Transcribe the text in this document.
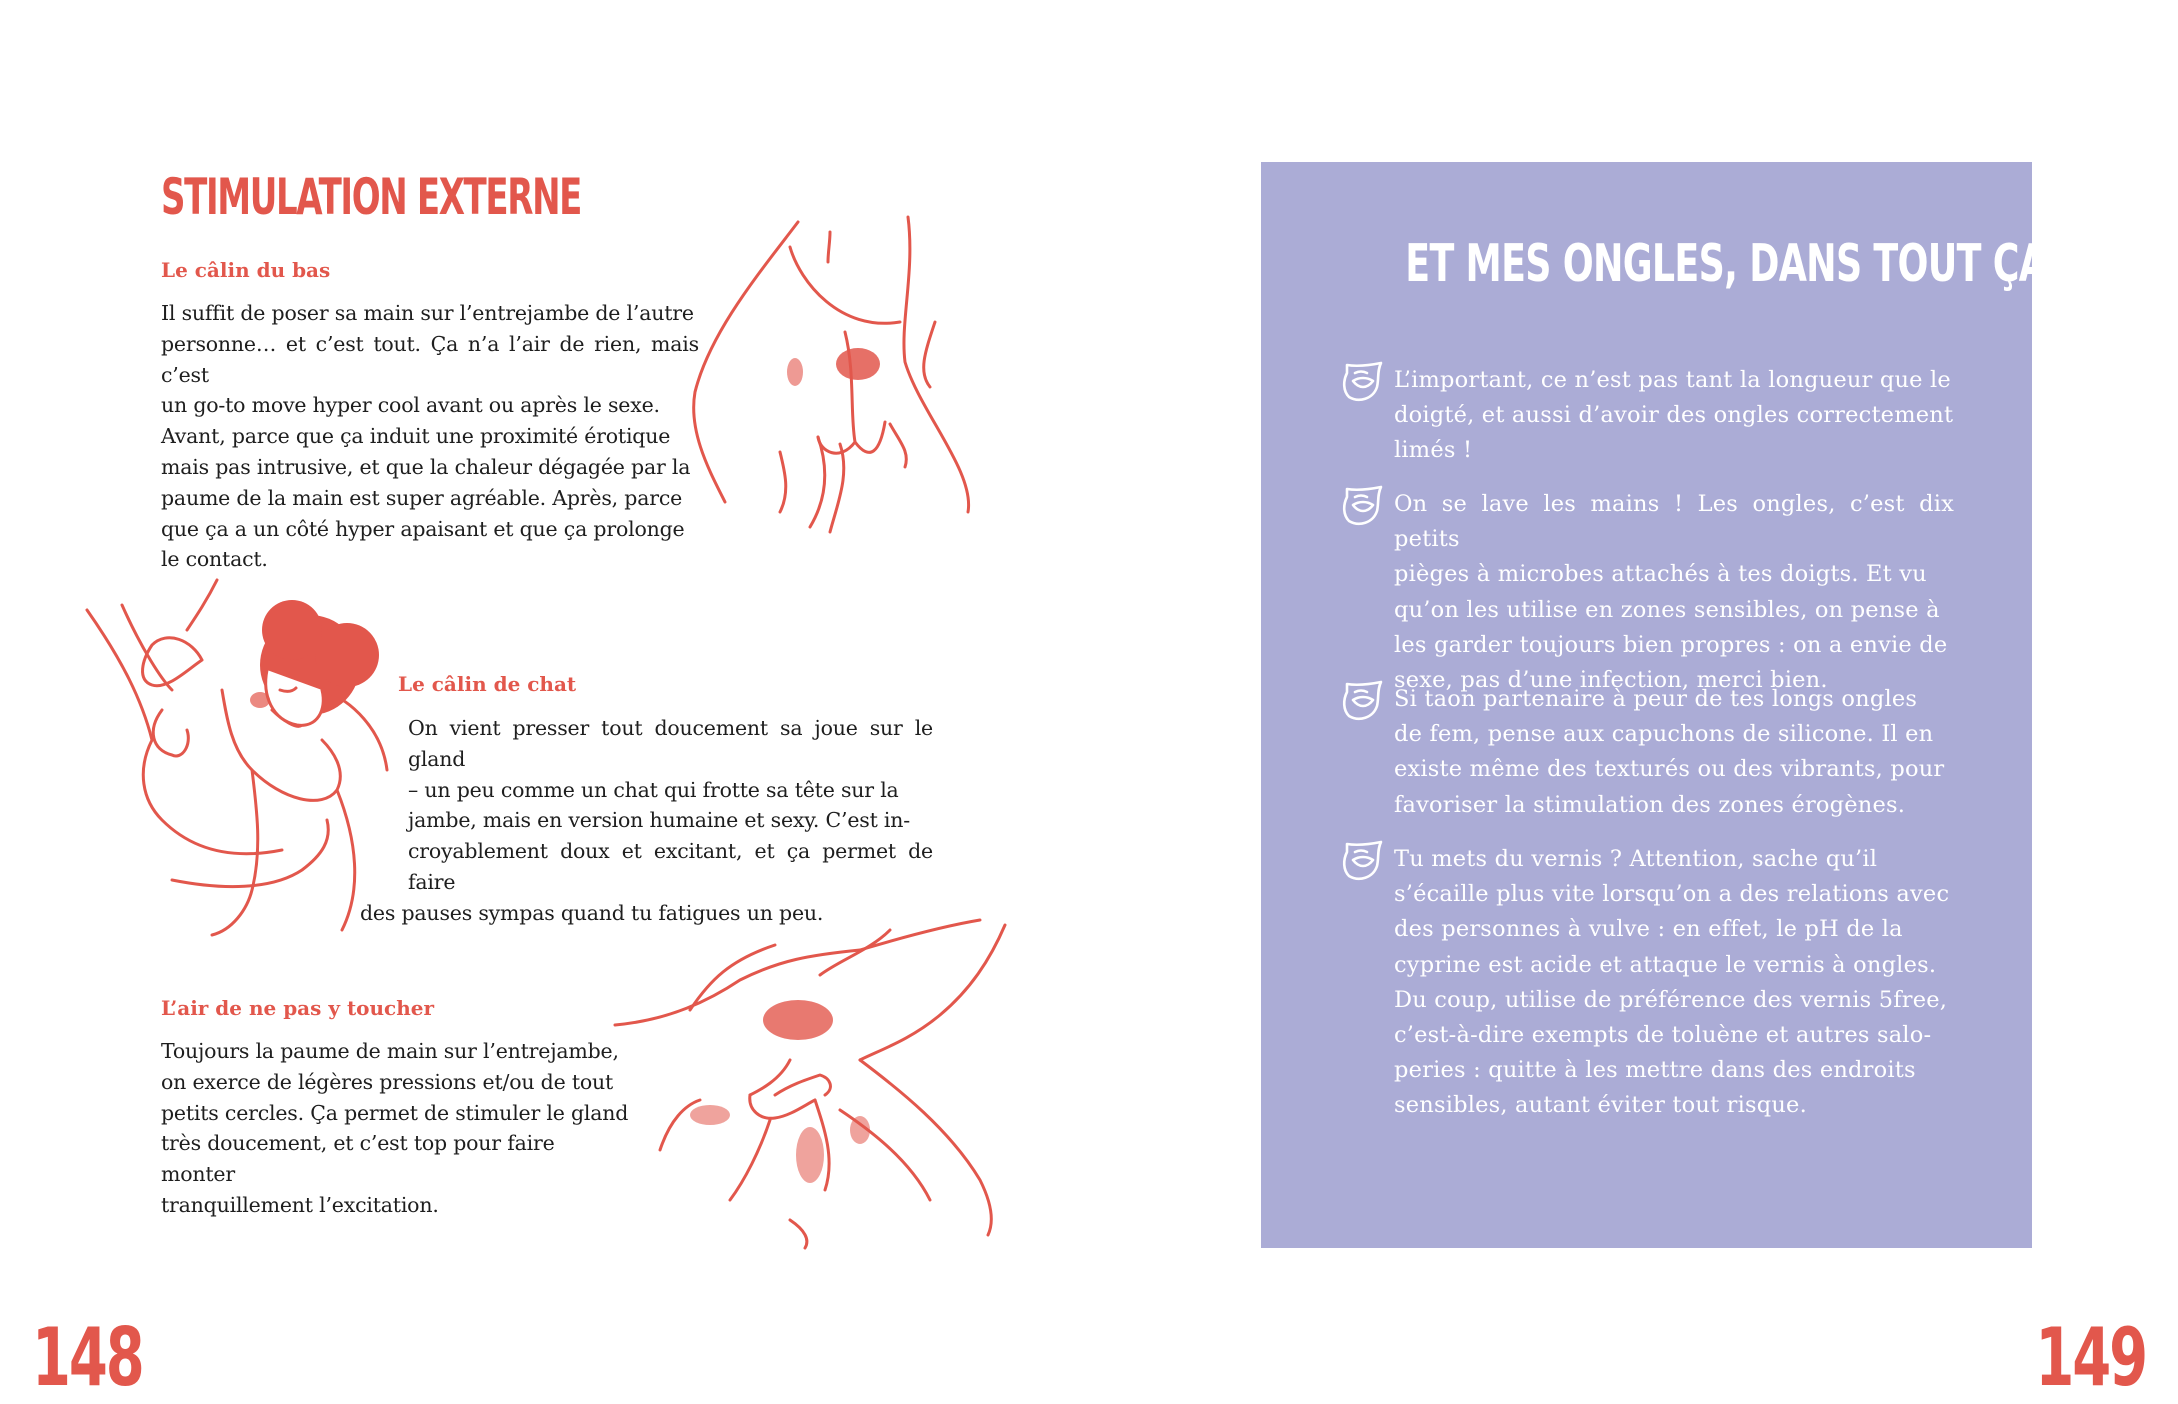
STIMULATION EXTERNE
Le câlin du bas
Il suffit de poser sa main sur l’entrejambe de l’autre
personne… et c’est tout. Ça n’a l’air de rien, mais c’est
un go-to move hyper cool avant ou après le sexe.
Avant, parce que ça induit une proximité érotique
mais pas intrusive, et que la chaleur dégagée par la
paume de la main est super agréable. Après, parce
que ça a un côté hyper apaisant et que ça prolonge
le contact.
Le câlin de chat
On vient presser tout doucement sa joue sur le gland
– un peu comme un chat qui frotte sa tête sur la
jambe, mais en version humaine et sexy. C’est in-
croyablement doux et excitant, et ça permet de faire
des pauses sympas quand tu fatigues un peu.
L’air de ne pas y toucher
Toujours la paume de main sur l’entrejambe,
on exerce de légères pressions et/ou de tout
petits cercles. Ça permet de stimuler le gland
très doucement, et c’est top pour faire monter
tranquillement l’excitation.
148
ET MES ONGLES, DANS TOUT ÇA ?
L’important, ce n’est pas tant la longueur que le
doigté, et aussi d’avoir des ongles correctement
limés !
On se lave les mains ! Les ongles, c’est dix petits
pièges à microbes attachés à tes doigts. Et vu
qu’on les utilise en zones sensibles, on pense à
les garder toujours bien propres : on a envie de
sexe, pas d’une infection, merci bien.
Si taon partenaire à peur de tes longs ongles
de fem, pense aux capuchons de silicone. Il en
existe même des texturés ou des vibrants, pour
favoriser la stimulation des zones érogènes.
Tu mets du vernis ? Attention, sache qu’il
s’écaille plus vite lorsqu’on a des relations avec
des personnes à vulve : en effet, le pH de la
cyprine est acide et attaque le vernis à ongles.
Du coup, utilise de préférence des vernis 5free,
c’est-à-dire exempts de toluène et autres salo-
peries : quitte à les mettre dans des endroits
sensibles, autant éviter tout risque.
149
